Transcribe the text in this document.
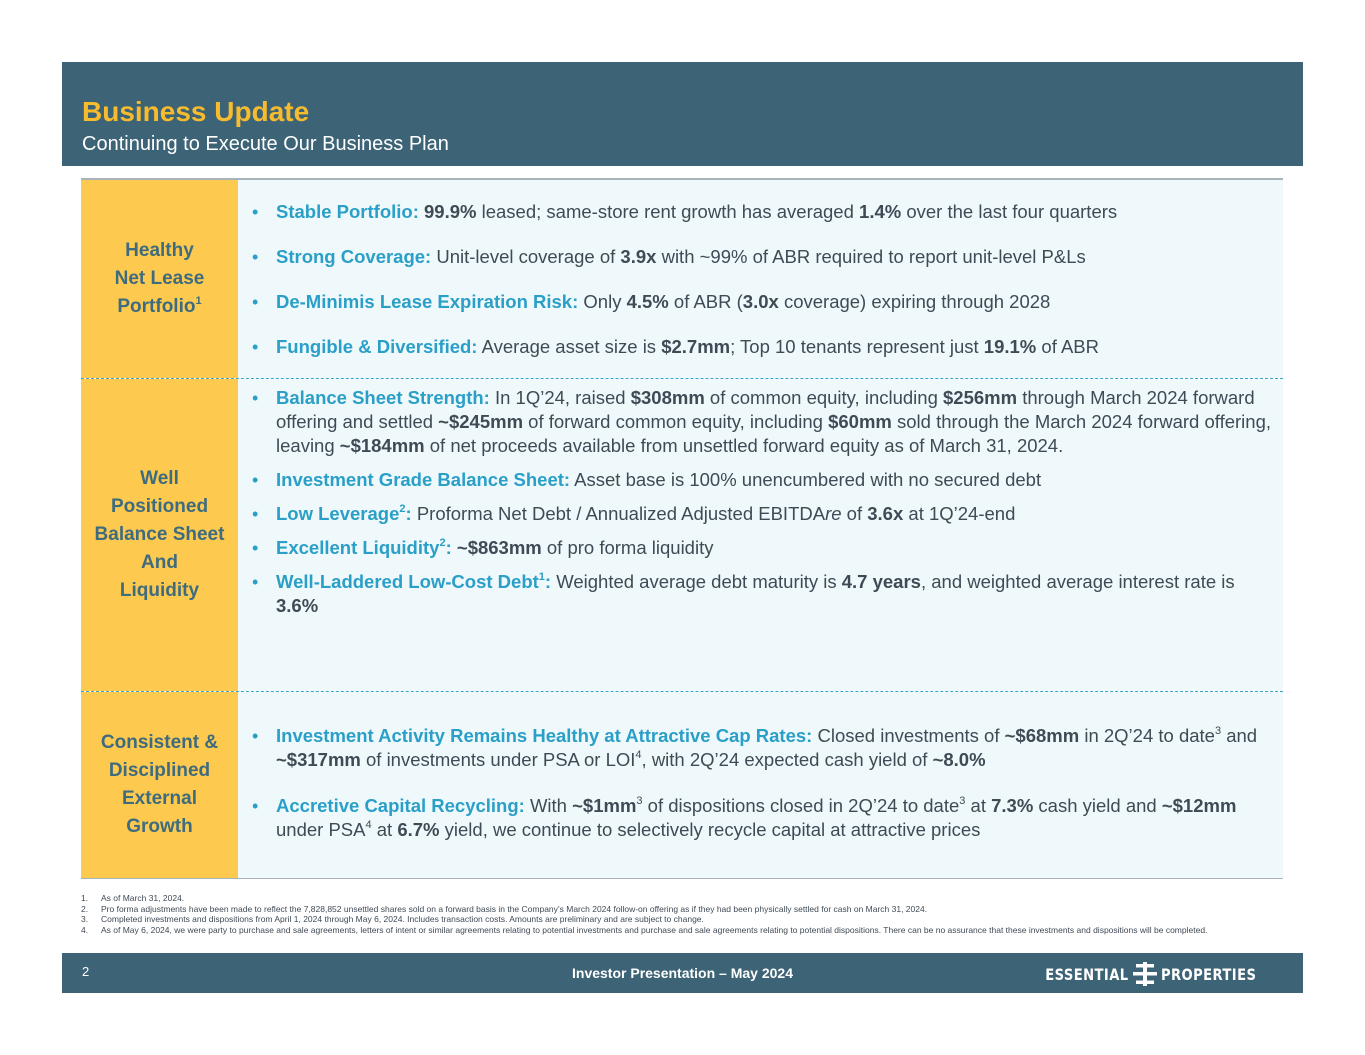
Business Update
Continuing to Execute Our Business Plan
Healthy
Net Lease
Portfolio$^1$
• Stable Portfolio: 99.9% leased; same-store rent growth has averaged 1.4% over the last four quarters
• Strong Coverage: Unit-level coverage of 3.9x with ~99% of ABR required to report unit-level P&Ls
• De-Minimis Lease Expiration Risk: Only 4.5% of ABR (3.0x coverage) expiring through 2028
• Fungible & Diversified: Average asset size is $2.7mm; Top 10 tenants represent just 19.1% of ABR
Well
Positioned
Balance Sheet
And
Liquidity
• Balance Sheet Strength: In 1Q’24, raised $308mm of common equity, including $256mm through March 2024 forward offering and settled ~$245mm of forward common equity, including $60mm sold through the March 2024 forward offering, leaving ~$184mm of net proceeds available from unsettled forward equity as of March 31, 2024.
• Investment Grade Balance Sheet: Asset base is 100% unencumbered with no secured debt
• Low Leverage$^2$: Proforma Net Debt / Annualized Adjusted EBITDAre of 3.6x at 1Q’24-end
• Excellent Liquidity$^2$: ~$863mm of pro forma liquidity
• Well-Laddered Low-Cost Debt$^1$: Weighted average debt maturity is 4.7 years, and weighted average interest rate is 3.6%
Consistent &
Disciplined
External
Growth
• Investment Activity Remains Healthy at Attractive Cap Rates: Closed investments of ~$68mm in 2Q’24 to date$^3$ and ~$317mm of investments under PSA or LOI$^4$, with 2Q’24 expected cash yield of ~8.0%
• Accretive Capital Recycling: With $\sim\$1mm^3$ of dispositions closed in 2Q’24 to date$^3$ at 7.3% cash yield and ~$12mm under PSA$^4$ at 6.7% yield, we continue to selectively recycle capital at attractive prices
1. As of March 31, 2024.
2. Pro forma adjustments have been made to reflect the 7,828,852 unsettled shares sold on a forward basis in the Company’s March 2024 follow-on offering as if they had been physically settled for cash on March 31, 2024.
3. Completed investments and dispositions from April 1, 2024 through May 6, 2024. Includes transaction costs. Amounts are preliminary and are subject to change.
4. As of May 6, 2024, we were party to purchase and sale agreements, letters of intent or similar agreements relating to potential investments and purchase and sale agreements relating to potential dispositions. There can be no assurance that these investments and dispositions will be completed.
2	Investor Presentation – May 2024	ESSENTIAL PROPERTIES
